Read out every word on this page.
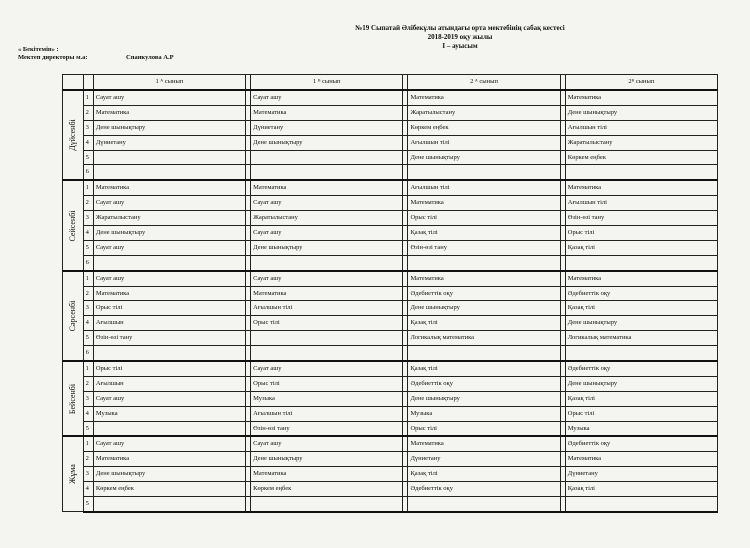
№19 Сыпатай Әлібекұлы атындағы орта мектебінің сабақ кестесі
2018-2019 оқу жылы
I – ауысым
« Бекітемін» :
Мектеп директоры м.а:	Спанкулова А.Р
		1 ᴬ сынып		1 ᴮ сынып		2 ᴬ сынып		2ᴮ сынып

Дүйсенбі	1	Сауат ашу		Сауат ашу		Математика		Математика
	2	Математика		Математика		Жаратылыстану		Дене шынықтыру
	3	Дене шынықтыру		Дүниетану		Көркем еңбек		Ағылшын тілі
	4	Дүниетану		Дене шынықтыру		Ағылшын тілі		Жаратылыстану
	5					Дене шынықтыру		Көркем еңбек
	6							

Сейсенбі	1	Математика		Математика		Ағылшын тілі		Математика
	2	Сауат ашу		Сауат ашу		Математика		Ағылшын тілі
	3	Жаратылыстану		Жаратылыстану		Орыс тілі		Өзін-өзі тану
	4	Дене шынықтыру		Сауат ашу		Қазақ тілі		Орыс тілі
	5	Сауат ашу		Дене шынықтыру		Өзін-өзі тану		Қазақ тілі
	6							

Сәрсенбі	1	Сауат ашу		Сауат ашу		Математика		Математика
	2	Математика		Математика		Әдебиеттік оқу		Әдебиеттік оқу
	3	Орыс тілі		Ағылшын тілі		Дене шынықтыру		Қазақ тілі
	4	Ағылшын		Орыс тілі		Қазақ тілі		Дене шынықтыру
	5	Өзін-өзі тану				Логикалық математика		Логикалық математика
	6							

Бейсенбі	1	Орыс тілі		Сауат ашу		Қазақ тілі		Әдебиеттік оқу
	2	Ағылшын		Орыс тілі		Әдебиеттік оқу		Дене шынықтыру
	3	Сауат ашу		Музыка		Дене шынықтыру		Қазақ тілі
	4	Музыка		Ағылшын тілі		Музыка		Орыс тілі
	5			Өзін-өзі тану		Орыс тілі		Музыка

Жұма	1	Сауат ашу		Сауат ашу		Математика		Әдебиеттік оқу
	2	Математика		Дене шынықтыру		Дүниетану		Математика
	3	Дене шынықтыру		Математика		Қазақ тілі		Дүниетану
	4	Көркем еңбек		Көркем еңбек		Әдебиеттік оқу		Қазақ тілі
	5							
